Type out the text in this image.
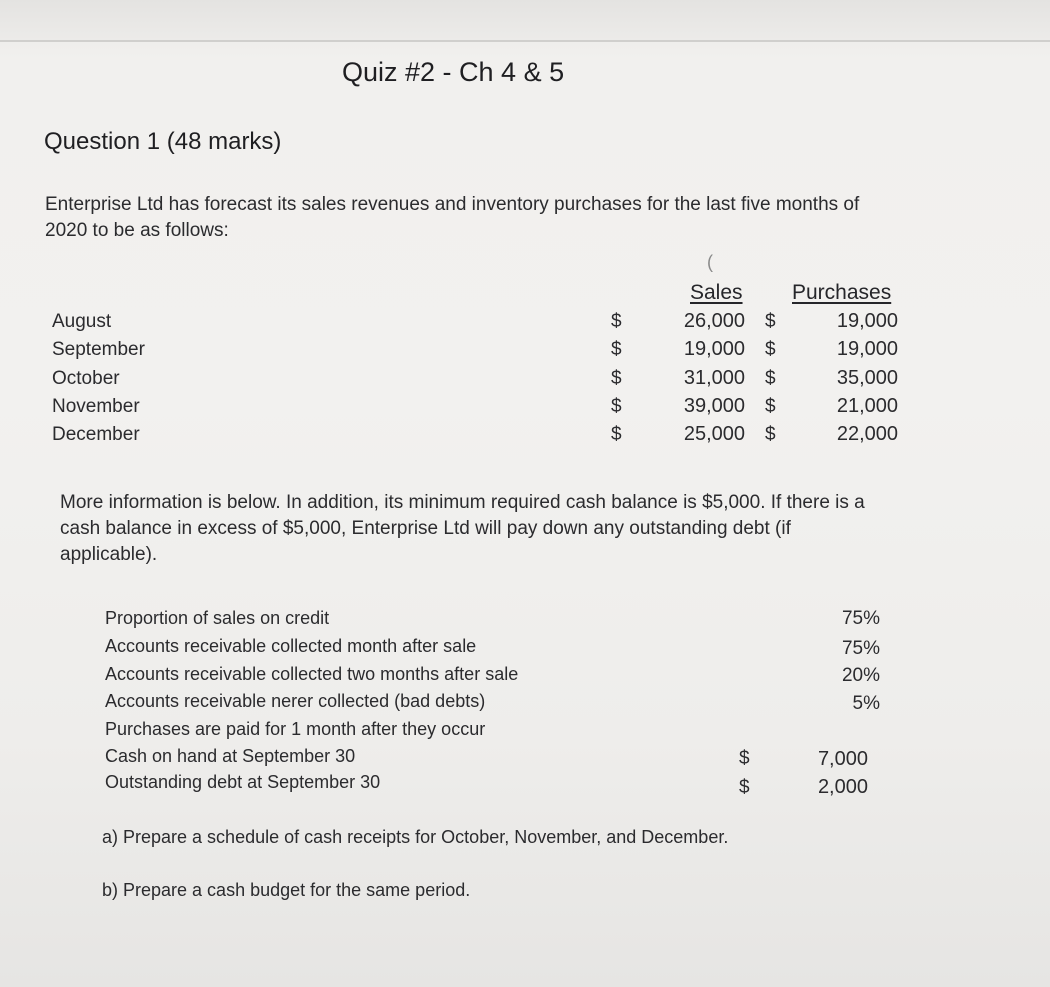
Quiz #2 - Ch 4 & 5
Question 1 (48 marks)
Enterprise Ltd has forecast its sales revenues and inventory purchases for the last five months of 2020 to be as follows:
(
Sales Purchases
August	$	26,000 $	19,000
September	$	19,000 $	19,000
October	$	31,000 $	35,000
November	$	39,000 $	21,000
December	$	25,000 $	22,000
More information is below. In addition, its minimum required cash balance is $5,000. If there is a cash balance in excess of $5,000, Enterprise Ltd will pay down any outstanding debt (if applicable).
Proportion of sales on credit	75%
Accounts receivable collected month after sale	75%
Accounts receivable collected two months after sale	20%
Accounts receivable nerer collected (bad debts)	5%
Purchases are paid for 1 month after they occur
Cash on hand at September 30	$	7,000
Outstanding debt at September 30	$	2,000
a) Prepare a schedule of cash receipts for October, November, and December.
b) Prepare a cash budget for the same period.
